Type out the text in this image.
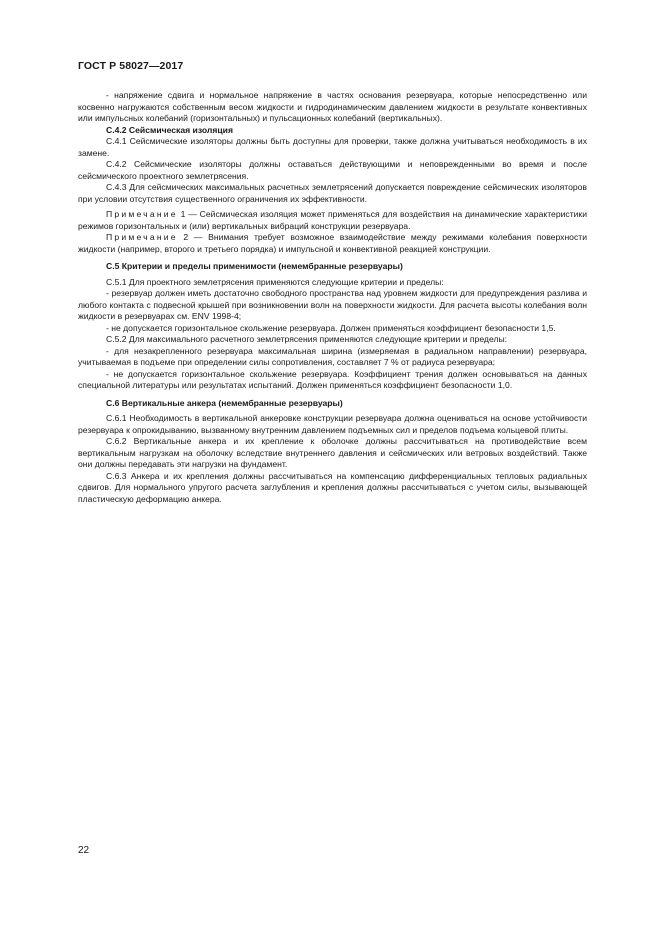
ГОСТ Р 58027—2017

- напряжение сдвига и нормальное напряжение в частях основания резервуара, которые непосредственно или косвенно нагружаются собственным весом жидкости и гидродинамическим давлением жидкости в результате конвективных или импульсных колебаний (горизонтальных) и пульсационных колебаний (вертикальных).

С.4.2 Сейсмическая изоляция

С.4.1 Сейсмические изоляторы должны быть доступны для проверки, также должна учитываться необходимость в их замене.

С.4.2 Сейсмические изоляторы должны оставаться действующими и неповрежденными во время и после сейсмического проектного землетрясения.

С.4.3 Для сейсмических максимальных расчетных землетрясений допускается повреждение сейсмических изоляторов при условии отсутствия существенного ограничения их эффективности.

Примечание 1 — Сейсмическая изоляция может применяться для воздействия на динамические характеристики режимов горизонтальных и (или) вертикальных вибраций конструкции резервуара.

Примечание 2 — Внимания требует возможное взаимодействие между режимами колебания поверхности жидкости (например, второго и третьего порядка) и импульсной и конвективной реакцией конструкции.

С.5 Критерии и пределы применимости (немембранные резервуары)

С.5.1 Для проектного землетрясения применяются следующие критерии и пределы:

- резервуар должен иметь достаточно свободного пространства над уровнем жидкости для предупреждения разлива и любого контакта с подвесной крышей при возникновении волн на поверхности жидкости. Для расчета высоты колебания волн жидкости в резервуарах см. ENV 1998-4;

- не допускается горизонтальное скольжение резервуара. Должен применяться коэффициент безопасности 1,5.

С.5.2 Для максимального расчетного землетрясения применяются следующие критерии и пределы:

- для незакрепленного резервуара максимальная ширина (измеряемая в радиальном направлении) резервуара, учитываемая в подъеме при определении силы сопротивления, составляет 7 % от радиуса резервуара;

- не допускается горизонтальное скольжение резервуара. Коэффициент трения должен основываться на данных специальной литературы или результатах испытаний. Должен применяться коэффициент безопасности 1,0.

С.6 Вертикальные анкера (немембранные резервуары)

С.6.1 Необходимость в вертикальной анкеровке конструкции резервуара должна оцениваться на основе устойчивости резервуара к опрокидыванию, вызванному внутренним давлением подъемных сил и пределов подъема кольцевой плиты.

С.6.2 Вертикальные анкера и их крепление к оболочке должны рассчитываться на противодействие всем вертикальным нагрузкам на оболочку вследствие внутреннего давления и сейсмических или ветровых воздействий. Также они должны передавать эти нагрузки на фундамент.

С.6.3 Анкера и их крепления должны рассчитываться на компенсацию дифференциальных тепловых радиальных сдвигов. Для нормального упругого расчета заглубления и крепления должны рассчитываться с учетом силы, вызывающей пластическую деформацию анкера.

22
